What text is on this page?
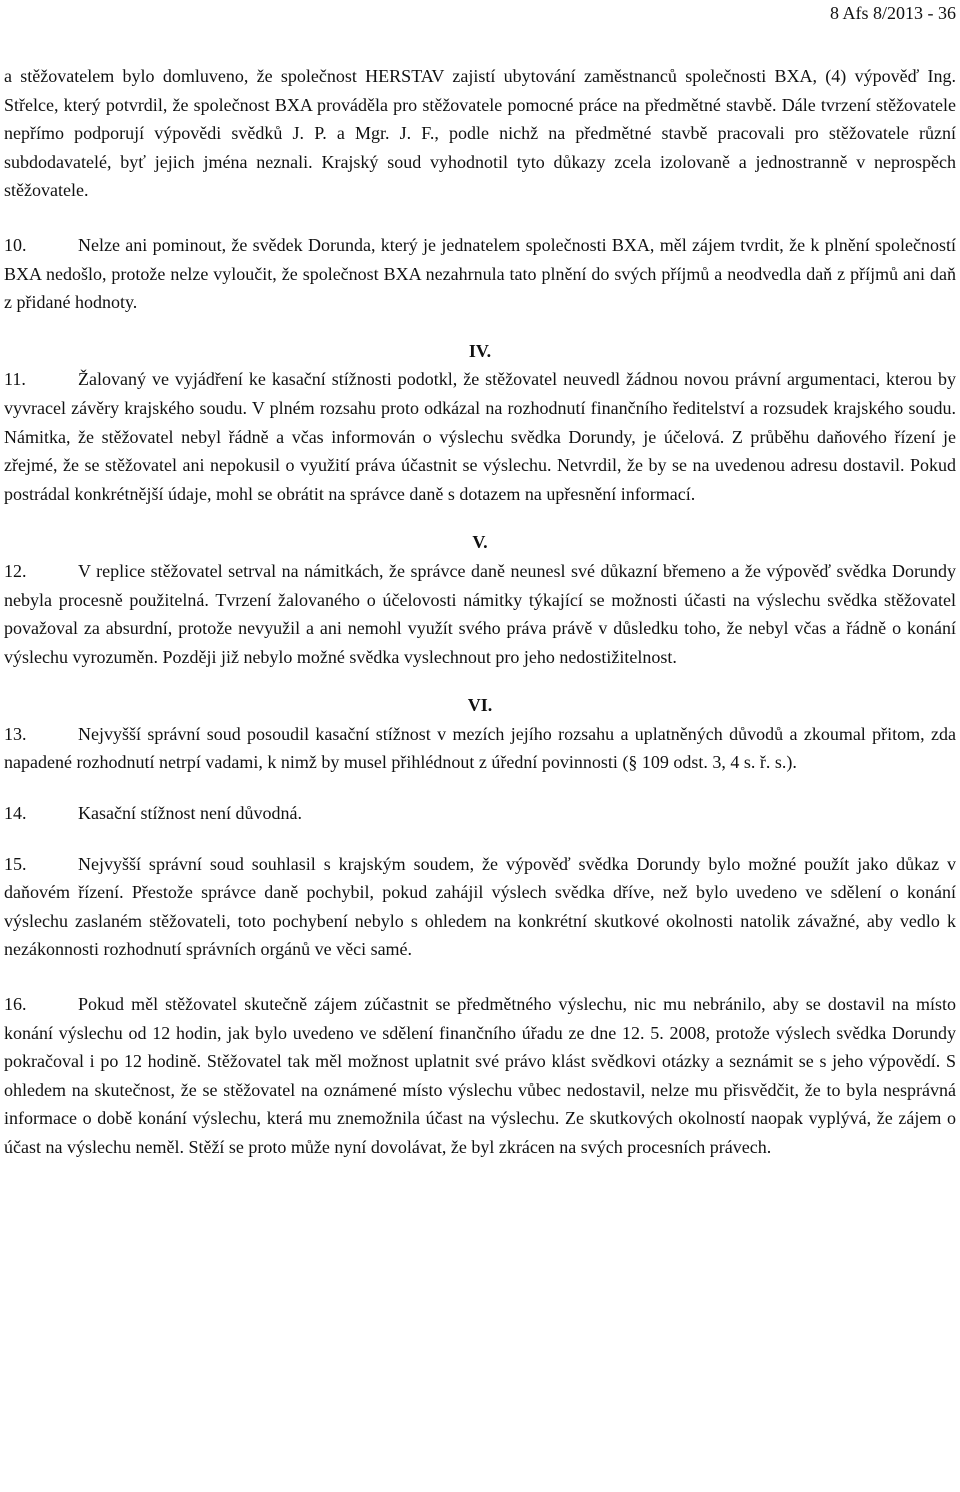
8 Afs 8/2013 - 36

a stěžovatelem bylo domluveno, že společnost HERSTAV zajistí ubytování zaměstnanců společnosti BXA, (4) výpověď Ing. Střelce, který potvrdil, že společnost BXA prováděla pro stěžovatele pomocné práce na předmětné stavbě. Dále tvrzení stěžovatele nepřímo podporují výpovědi svědků J. P. a Mgr. J. F., podle nichž na předmětné stavbě pracovali pro stěžovatele různí subdodavatelé, byť jejich jména neznali. Krajský soud vyhodnotil tyto důkazy zcela izolovaně a jednostranně v neprospěch stěžovatele.

10.	Nelze ani pominout, že svědek Dorunda, který je jednatelem společnosti BXA, měl zájem tvrdit, že k plnění společností BXA nedošlo, protože nelze vyloučit, že společnost BXA nezahrnula tato plnění do svých příjmů a neodvedla daň z příjmů ani daň z přidané hodnoty.

IV.

11.	Žalovaný ve vyjádření ke kasační stížnosti podotkl, že stěžovatel neuvedl žádnou novou právní argumentaci, kterou by vyvracel závěry krajského soudu. V plném rozsahu proto odkázal na rozhodnutí finančního ředitelství a rozsudek krajského soudu. Námitka, že stěžovatel nebyl řádně a včas informován o výslechu svědka Dorundy, je účelová. Z průběhu daňového řízení je zřejmé, že se stěžovatel ani nepokusil o využití práva účastnit se výslechu. Netvrdil, že by se na uvedenou adresu dostavil. Pokud postrádal konkrétnější údaje, mohl se obrátit na správce daně s dotazem na upřesnění informací.

V.

12.	V replice stěžovatel setrval na námitkách, že správce daně neunesl své důkazní břemeno a že výpověď svědka Dorundy nebyla procesně použitelná. Tvrzení žalovaného o účelovosti námitky týkající se možnosti účasti na výslechu svědka stěžovatel považoval za absurdní, protože nevyužil a ani nemohl využít svého práva právě v důsledku toho, že nebyl včas a řádně o konání výslechu vyrozuměn. Později již nebylo možné svědka vyslechnout pro jeho nedostižitelnost.

VI.

13.	Nejvyšší správní soud posoudil kasační stížnost v mezích jejího rozsahu a uplatněných důvodů a zkoumal přitom, zda napadené rozhodnutí netrpí vadami, k nimž by musel přihlédnout z úřední povinnosti (§ 109 odst. 3, 4 s. ř. s.).

14.	Kasační stížnost není důvodná.

15.	Nejvyšší správní soud souhlasil s krajským soudem, že výpověď svědka Dorundy bylo možné použít jako důkaz v daňovém řízení. Přestože správce daně pochybil, pokud zahájil výslech svědka dříve, než bylo uvedeno ve sdělení o konání výslechu zaslaném stěžovateli, toto pochybení nebylo s ohledem na konkrétní skutkové okolnosti natolik závažné, aby vedlo k nezákonnosti rozhodnutí správních orgánů ve věci samé.

16.	Pokud měl stěžovatel skutečně zájem zúčastnit se předmětného výslechu, nic mu nebránilo, aby se dostavil na místo konání výslechu od 12 hodin, jak bylo uvedeno ve sdělení finančního úřadu ze dne 12. 5. 2008, protože výslech svědka Dorundy pokračoval i po 12 hodině. Stěžovatel tak měl možnost uplatnit své právo klást svědkovi otázky a seznámit se s jeho výpovědí. S ohledem na skutečnost, že se stěžovatel na oznámené místo výslechu vůbec nedostavil, nelze mu přisvědčit, že to byla nesprávná informace o době konání výslechu, která mu znemožnila účast na výslechu. Ze skutkových okolností naopak vyplývá, že zájem o účast na výslechu neměl. Stěží se proto může nyní dovolávat, že byl zkrácen na svých procesních právech.
